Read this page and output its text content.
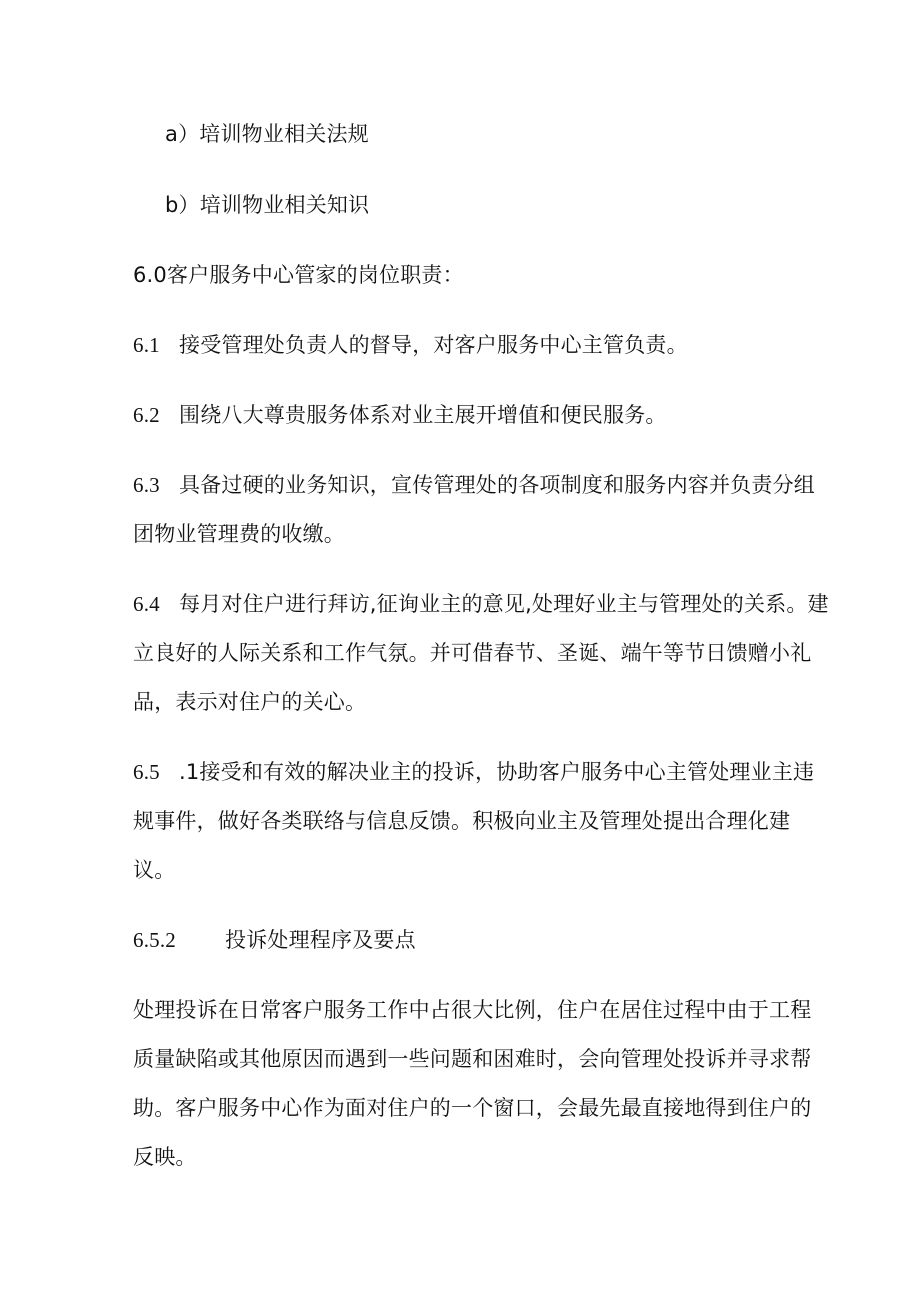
a）培训物业相关法规
b）培训物业相关知识
6.0客户服务中心管家的岗位职责：
6.1 接受管理处负责人的督导，对客户服务中心主管负责。
6.2 围绕八大尊贵服务体系对业主展开增值和便民服务。
6.3 具备过硬的业务知识，宣传管理处的各项制度和服务内容并负责分组
团物业管理费的收缴。
6.4 每月对住户进行拜访,征询业主的意见,处理好业主与管理处的关系。建
立良好的人际关系和工作气氛。并可借春节、圣诞、端午等节日馈赠小礼
品，表示对住户的关心。
6.5 .1接受和有效的解决业主的投诉，协助客户服务中心主管处理业主违
规事件，做好各类联络与信息反馈。积极向业主及管理处提出合理化建
议。
6.5.2 投诉处理程序及要点
处理投诉在日常客户服务工作中占很大比例，住户在居住过程中由于工程
质量缺陷或其他原因而遇到一些问题和困难时，会向管理处投诉并寻求帮
助。客户服务中心作为面对住户的一个窗口，会最先最直接地得到住户的
反映。
